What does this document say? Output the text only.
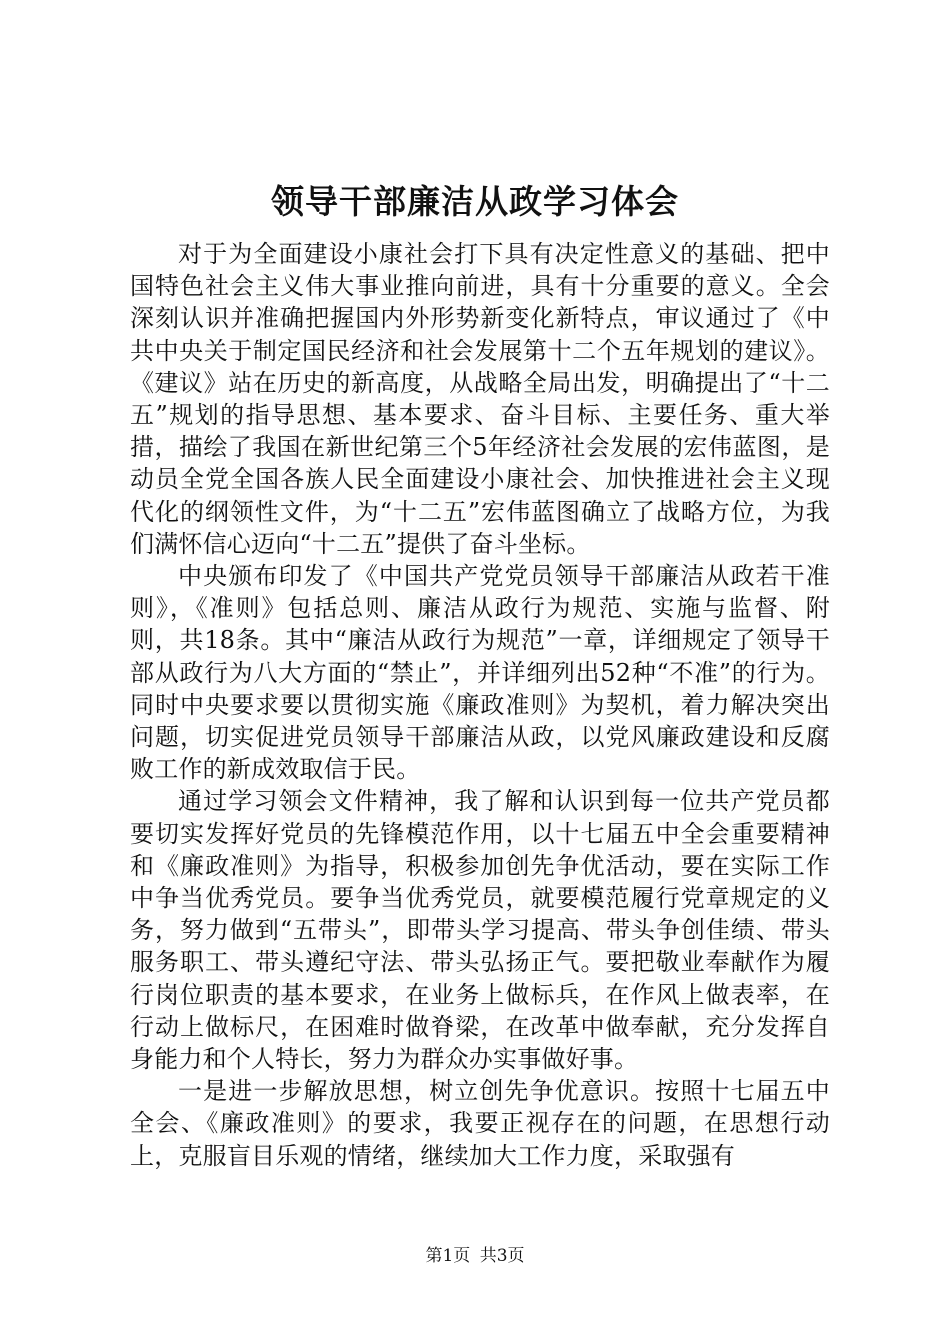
领导干部廉洁从政学习体会

对于为全面建设小康社会打下具有决定性意义的基础、把中国特色社会主义伟大事业推向前进，具有十分重要的意义。全会深刻认识并准确把握国内外形势新变化新特点，审议通过了《中共中央关于制定国民经济和社会发展第十二个五年规划的建议》。《建议》站在历史的新高度，从战略全局出发，明确提出了“十二五”规划的指导思想、基本要求、奋斗目标、主要任务、重大举措，描绘了我国在新世纪第三个5年经济社会发展的宏伟蓝图，是动员全党全国各族人民全面建设小康社会、加快推进社会主义现代化的纲领性文件，为“十二五”宏伟蓝图确立了战略方位，为我们满怀信心迈向“十二五”提供了奋斗坐标。

中央颁布印发了《中国共产党党员领导干部廉洁从政若干准则》，《准则》包括总则、廉洁从政行为规范、实施与监督、附则，共18条。其中“廉洁从政行为规范”一章，详细规定了领导干部从政行为八大方面的“禁止”，并详细列出52种“不准”的行为。同时中央要求要以贯彻实施《廉政准则》为契机，着力解决突出问题，切实促进党员领导干部廉洁从政，以党风廉政建设和反腐败工作的新成效取信于民。

通过学习领会文件精神，我了解和认识到每一位共产党员都要切实发挥好党员的先锋模范作用，以十七届五中全会重要精神和《廉政准则》为指导，积极参加创先争优活动，要在实际工作中争当优秀党员。要争当优秀党员，就要模范履行党章规定的义务，努力做到“五带头”，即带头学习提高、带头争创佳绩、带头服务职工、带头遵纪守法、带头弘扬正气。要把敬业奉献作为履行岗位职责的基本要求，在业务上做标兵，在作风上做表率，在行动上做标尺，在困难时做脊梁，在改革中做奉献，充分发挥自身能力和个人特长，努力为群众办实事做好事。

一是进一步解放思想，树立创先争优意识。按照十七届五中全会、《廉政准则》的要求，我要正视存在的问题，在思想行动上，克服盲目乐观的情绪，继续加大工作力度，采取强有

第1页 共3页
